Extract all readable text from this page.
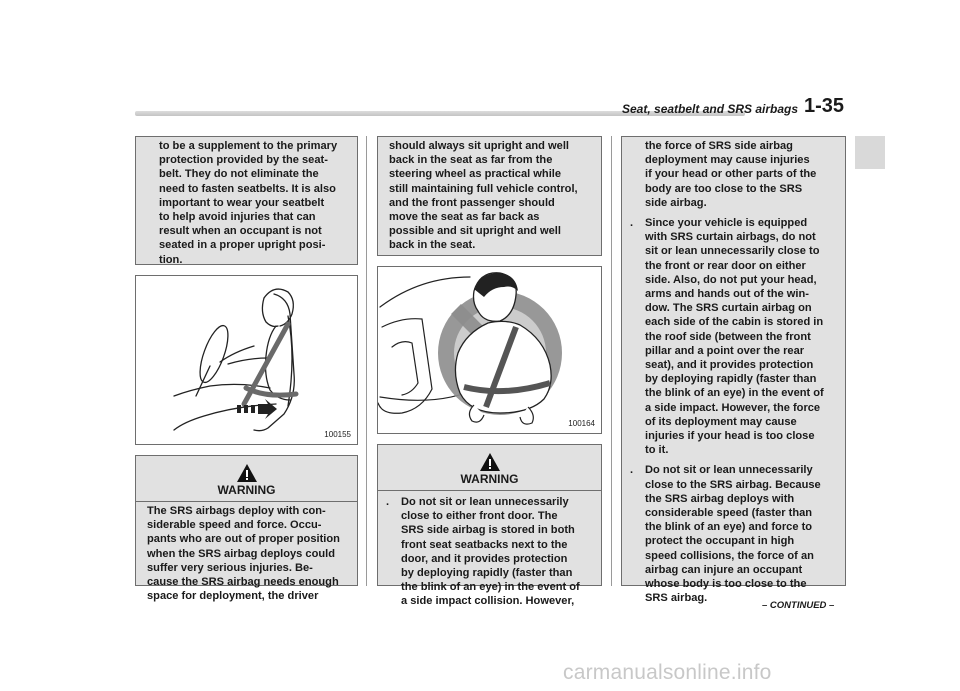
Seat, seatbelt and SRS airbags 1-35
to be a supplement to the primary
protection provided by the seat-
belt. They do not eliminate the
need to fasten seatbelts. It is also
important to wear your seatbelt
to help avoid injuries that can
result when an occupant is not
seated in a proper upright posi-
tion.
100155
WARNING
The SRS airbags deploy with con-
siderable speed and force. Occu-
pants who are out of proper position
when the SRS airbag deploys could
suffer very serious injuries. Be-
cause the SRS airbag needs enough
space for deployment, the driver
should always sit upright and well
back in the seat as far from the
steering wheel as practical while
still maintaining full vehicle control,
and the front passenger should
move the seat as far back as
possible and sit upright and well
back in the seat.
100164
WARNING
. Do not sit or lean unnecessarily
close to either front door. The
SRS side airbag is stored in both
front seat seatbacks next to the
door, and it provides protection
by deploying rapidly (faster than
the blink of an eye) in the event of
a side impact collision. However,
the force of SRS side airbag
deployment may cause injuries
if your head or other parts of the
body are too close to the SRS
side airbag.
. Since your vehicle is equipped
with SRS curtain airbags, do not
sit or lean unnecessarily close to
the front or rear door on either
side. Also, do not put your head,
arms and hands out of the win-
dow. The SRS curtain airbag on
each side of the cabin is stored in
the roof side (between the front
pillar and a point over the rear
seat), and it provides protection
by deploying rapidly (faster than
the blink of an eye) in the event of
a side impact. However, the force
of its deployment may cause
injuries if your head is too close
to it.
. Do not sit or lean unnecessarily
close to the SRS airbag. Because
the SRS airbag deploys with
considerable speed (faster than
the blink of an eye) and force to
protect the occupant in high
speed collisions, the force of an
airbag can injure an occupant
whose body is too close to the
SRS airbag.
– CONTINUED –
carmanualsonline.info
